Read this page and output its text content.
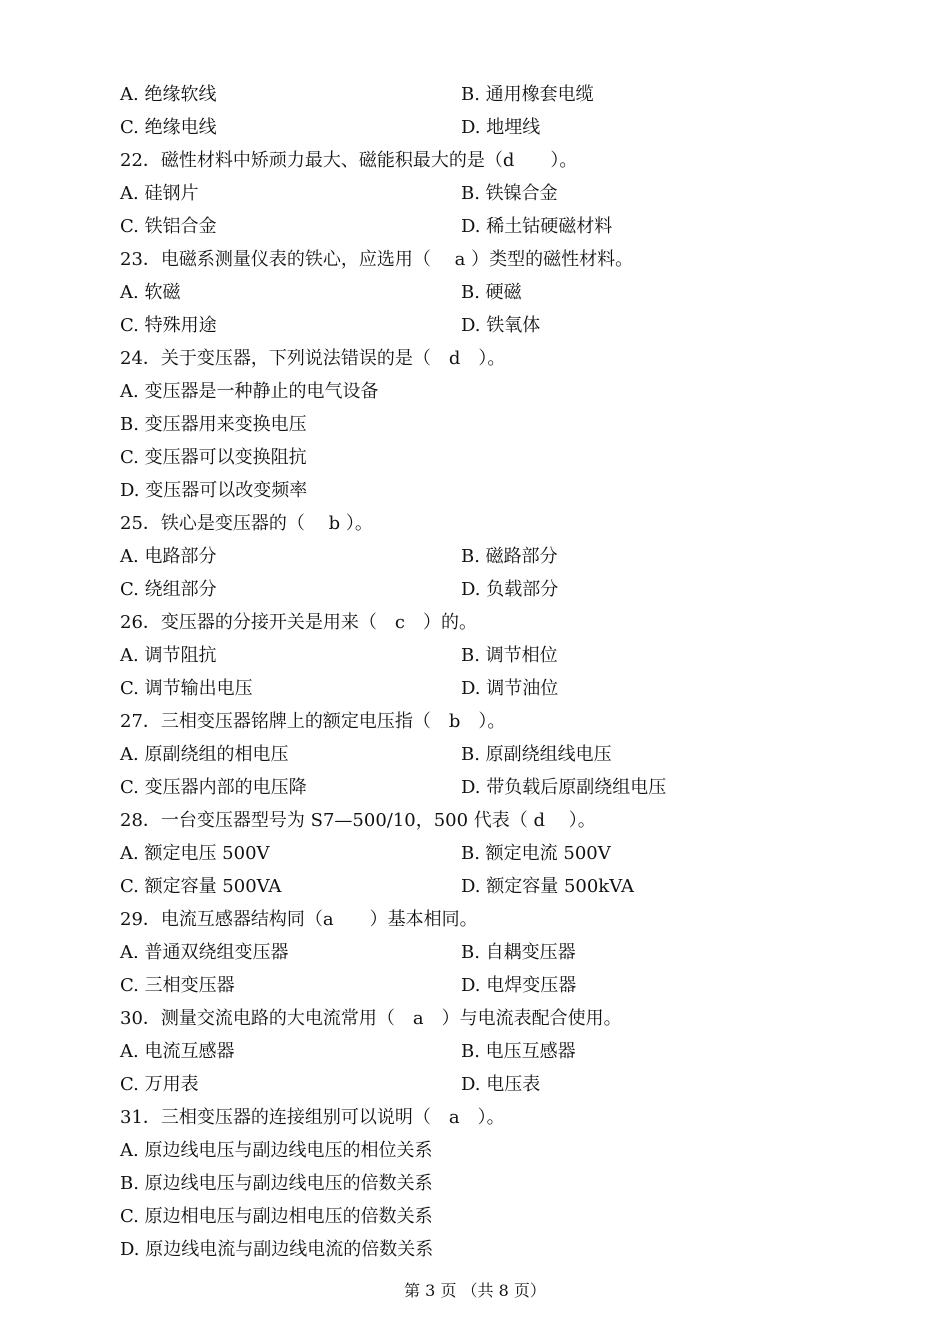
A. 绝缘软线	B. 通用橡套电缆
C. 绝缘电线	D. 地埋线
22．磁性材料中矫顽力最大、磁能积最大的是（d　　）。
A. 硅钢片	B. 铁镍合金
C. 铁铝合金	D. 稀土钴硬磁材料
23．电磁系测量仪表的铁心，应选用（　 a ）类型的磁性材料。
A. 软磁	B. 硬磁
C. 特殊用途	D. 铁氧体
24．关于变压器，下列说法错误的是（　d　）。
A. 变压器是一种静止的电气设备
B. 变压器用来变换电压
C. 变压器可以变换阻抗
D. 变压器可以改变频率
25．铁心是变压器的（　 b ）。
A. 电路部分	B. 磁路部分
C. 绕组部分	D. 负载部分
26．变压器的分接开关是用来（　c　）的。
A. 调节阻抗	B. 调节相位
C. 调节输出电压	D. 调节油位
27．三相变压器铭牌上的额定电压指（　b　）。
A. 原副绕组的相电压	B. 原副绕组线电压
C. 变压器内部的电压降	D. 带负载后原副绕组电压
28．一台变压器型号为 S7—500/10，500 代表（ d　 ）。
A. 额定电压 500V	B. 额定电流 500V
C. 额定容量 500VA	D. 额定容量 500kVA
29．电流互感器结构同（a　　）基本相同。
A. 普通双绕组变压器	B. 自耦变压器
C. 三相变压器	D. 电焊变压器
30．测量交流电路的大电流常用（　a　）与电流表配合使用。
A. 电流互感器	B. 电压互感器
C. 万用表	D. 电压表
31．三相变压器的连接组别可以说明（　a　）。
A. 原边线电压与副边线电压的相位关系
B. 原边线电压与副边线电压的倍数关系
C. 原边相电压与副边相电压的倍数关系
D. 原边线电流与副边线电流的倍数关系
第 3 页 （共 8 页）
